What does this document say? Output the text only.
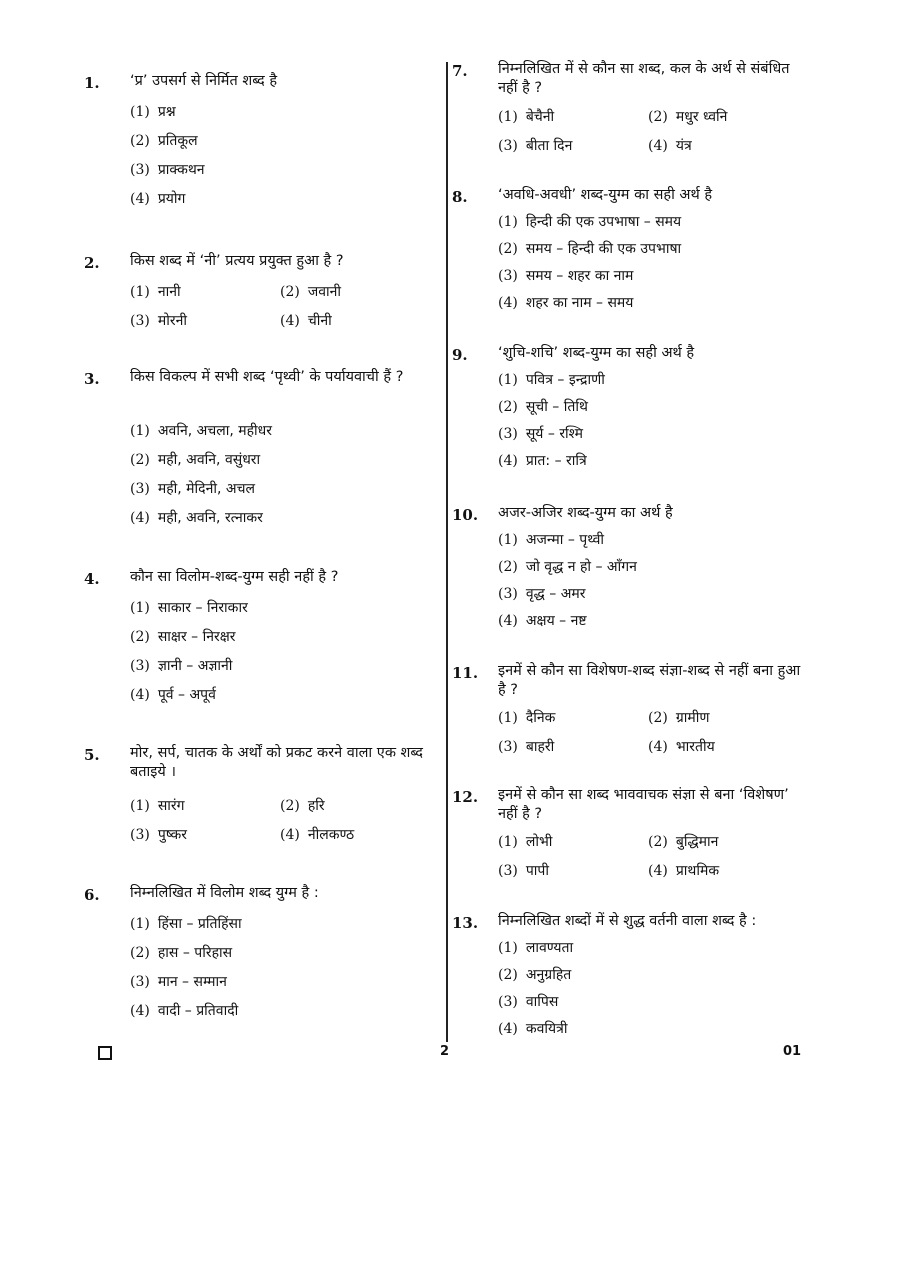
1. ‘प्र’ उपसर्ग से निर्मित शब्द है
(1) प्रश्न
(2) प्रतिकूल
(3) प्राक्कथन
(4) प्रयोग
2. किस शब्द में ‘नी’ प्रत्यय प्रयुक्त हुआ है ?
(1) नानी	(2) जवानी
(3) मोरनी	(4) चीनी
3. किस विकल्प में सभी शब्द ‘पृथ्वी’ के पर्यायवाची हैं ?
(1) अवनि, अचला, महीधर
(2) मही, अवनि, वसुंधरा
(3) मही, मेदिनी, अचल
(4) मही, अवनि, रत्नाकर
4. कौन सा विलोम-शब्द-युग्म सही नहीं है ?
(1) साकार – निराकार
(2) साक्षर – निरक्षर
(3) ज्ञानी – अज्ञानी
(4) पूर्व – अपूर्व
5. मोर, सर्प, चातक के अर्थों को प्रकट करने वाला एक शब्द बताइये ।
(1) सारंग	(2) हरि
(3) पुष्कर	(4) नीलकण्ठ
6. निम्नलिखित में विलोम शब्द युग्म है :
(1) हिंसा – प्रतिहिंसा
(2) हास – परिहास
(3) मान – सम्मान
(4) वादी – प्रतिवादी
7. निम्नलिखित में से कौन सा शब्द, कल के अर्थ से संबंधित नहीं है ?
(1) बेचैनी	(2) मधुर ध्वनि
(3) बीता दिन	(4) यंत्र
8. ‘अवधि-अवधी’ शब्द-युग्म का सही अर्थ है
(1) हिन्दी की एक उपभाषा – समय
(2) समय – हिन्दी की एक उपभाषा
(3) समय – शहर का नाम
(4) शहर का नाम – समय
9. ‘शुचि-शचि’ शब्द-युग्म का सही अर्थ है
(1) पवित्र – इन्द्राणी
(2) सूची – तिथि
(3) सूर्य – रश्मि
(4) प्रात: – रात्रि
10. अजर-अजिर शब्द-युग्म का अर्थ है
(1) अजन्मा – पृथ्वी
(2) जो वृद्ध न हो – आँगन
(3) वृद्ध – अमर
(4) अक्षय – नष्ट
11. इनमें से कौन सा विशेषण-शब्द संज्ञा-शब्द से नहीं बना हुआ है ?
(1) दैनिक	(2) ग्रामीण
(3) बाहरी	(4) भारतीय
12. इनमें से कौन सा शब्द भाववाचक संज्ञा से बना ‘विशेषण’ नहीं है ?
(1) लोभी	(2) बुद्धिमान
(3) पापी	(4) प्राथमिक
13. निम्नलिखित शब्दों में से शुद्ध वर्तनी वाला शब्द है :
(1) लावण्यता
(2) अनुग्रहित
(3) वापिस
(4) कवयित्री
2	01
